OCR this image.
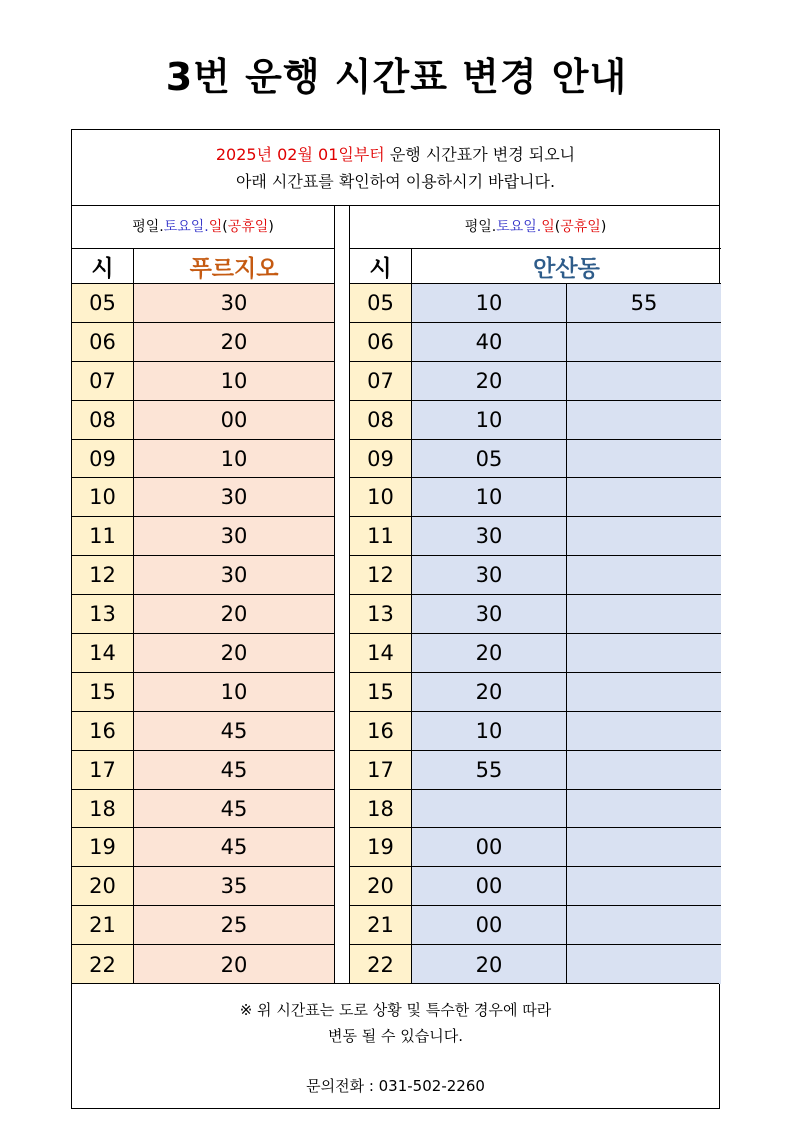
3번 운행 시간표 변경 안내
2025년 02월 01일부터 운행 시간표가 변경 되오니
아래 시간표를 확인하여 이용하시기 바랍니다.
평일.토요일.일(공휴일)
시	푸르지오
05	30
06	20
07	10
08	00
09	10
10	30
11	30
12	30
13	20
14	20
15	10
16	45
17	45
18	45
19	45
20	35
21	25
22	20
평일.토요일.일(공휴일)
시	안산동
05	10	55
06	40
07	20
08	10
09	05
10	10
11	30
12	30
13	30
14	20
15	20
16	10
17	55
18
19	00
20	00
21	00
22	20
※ 위 시간표는 도로 상황 및 특수한 경우에 따라
변동 될 수 있습니다.
문의전화 : 031-502-2260
